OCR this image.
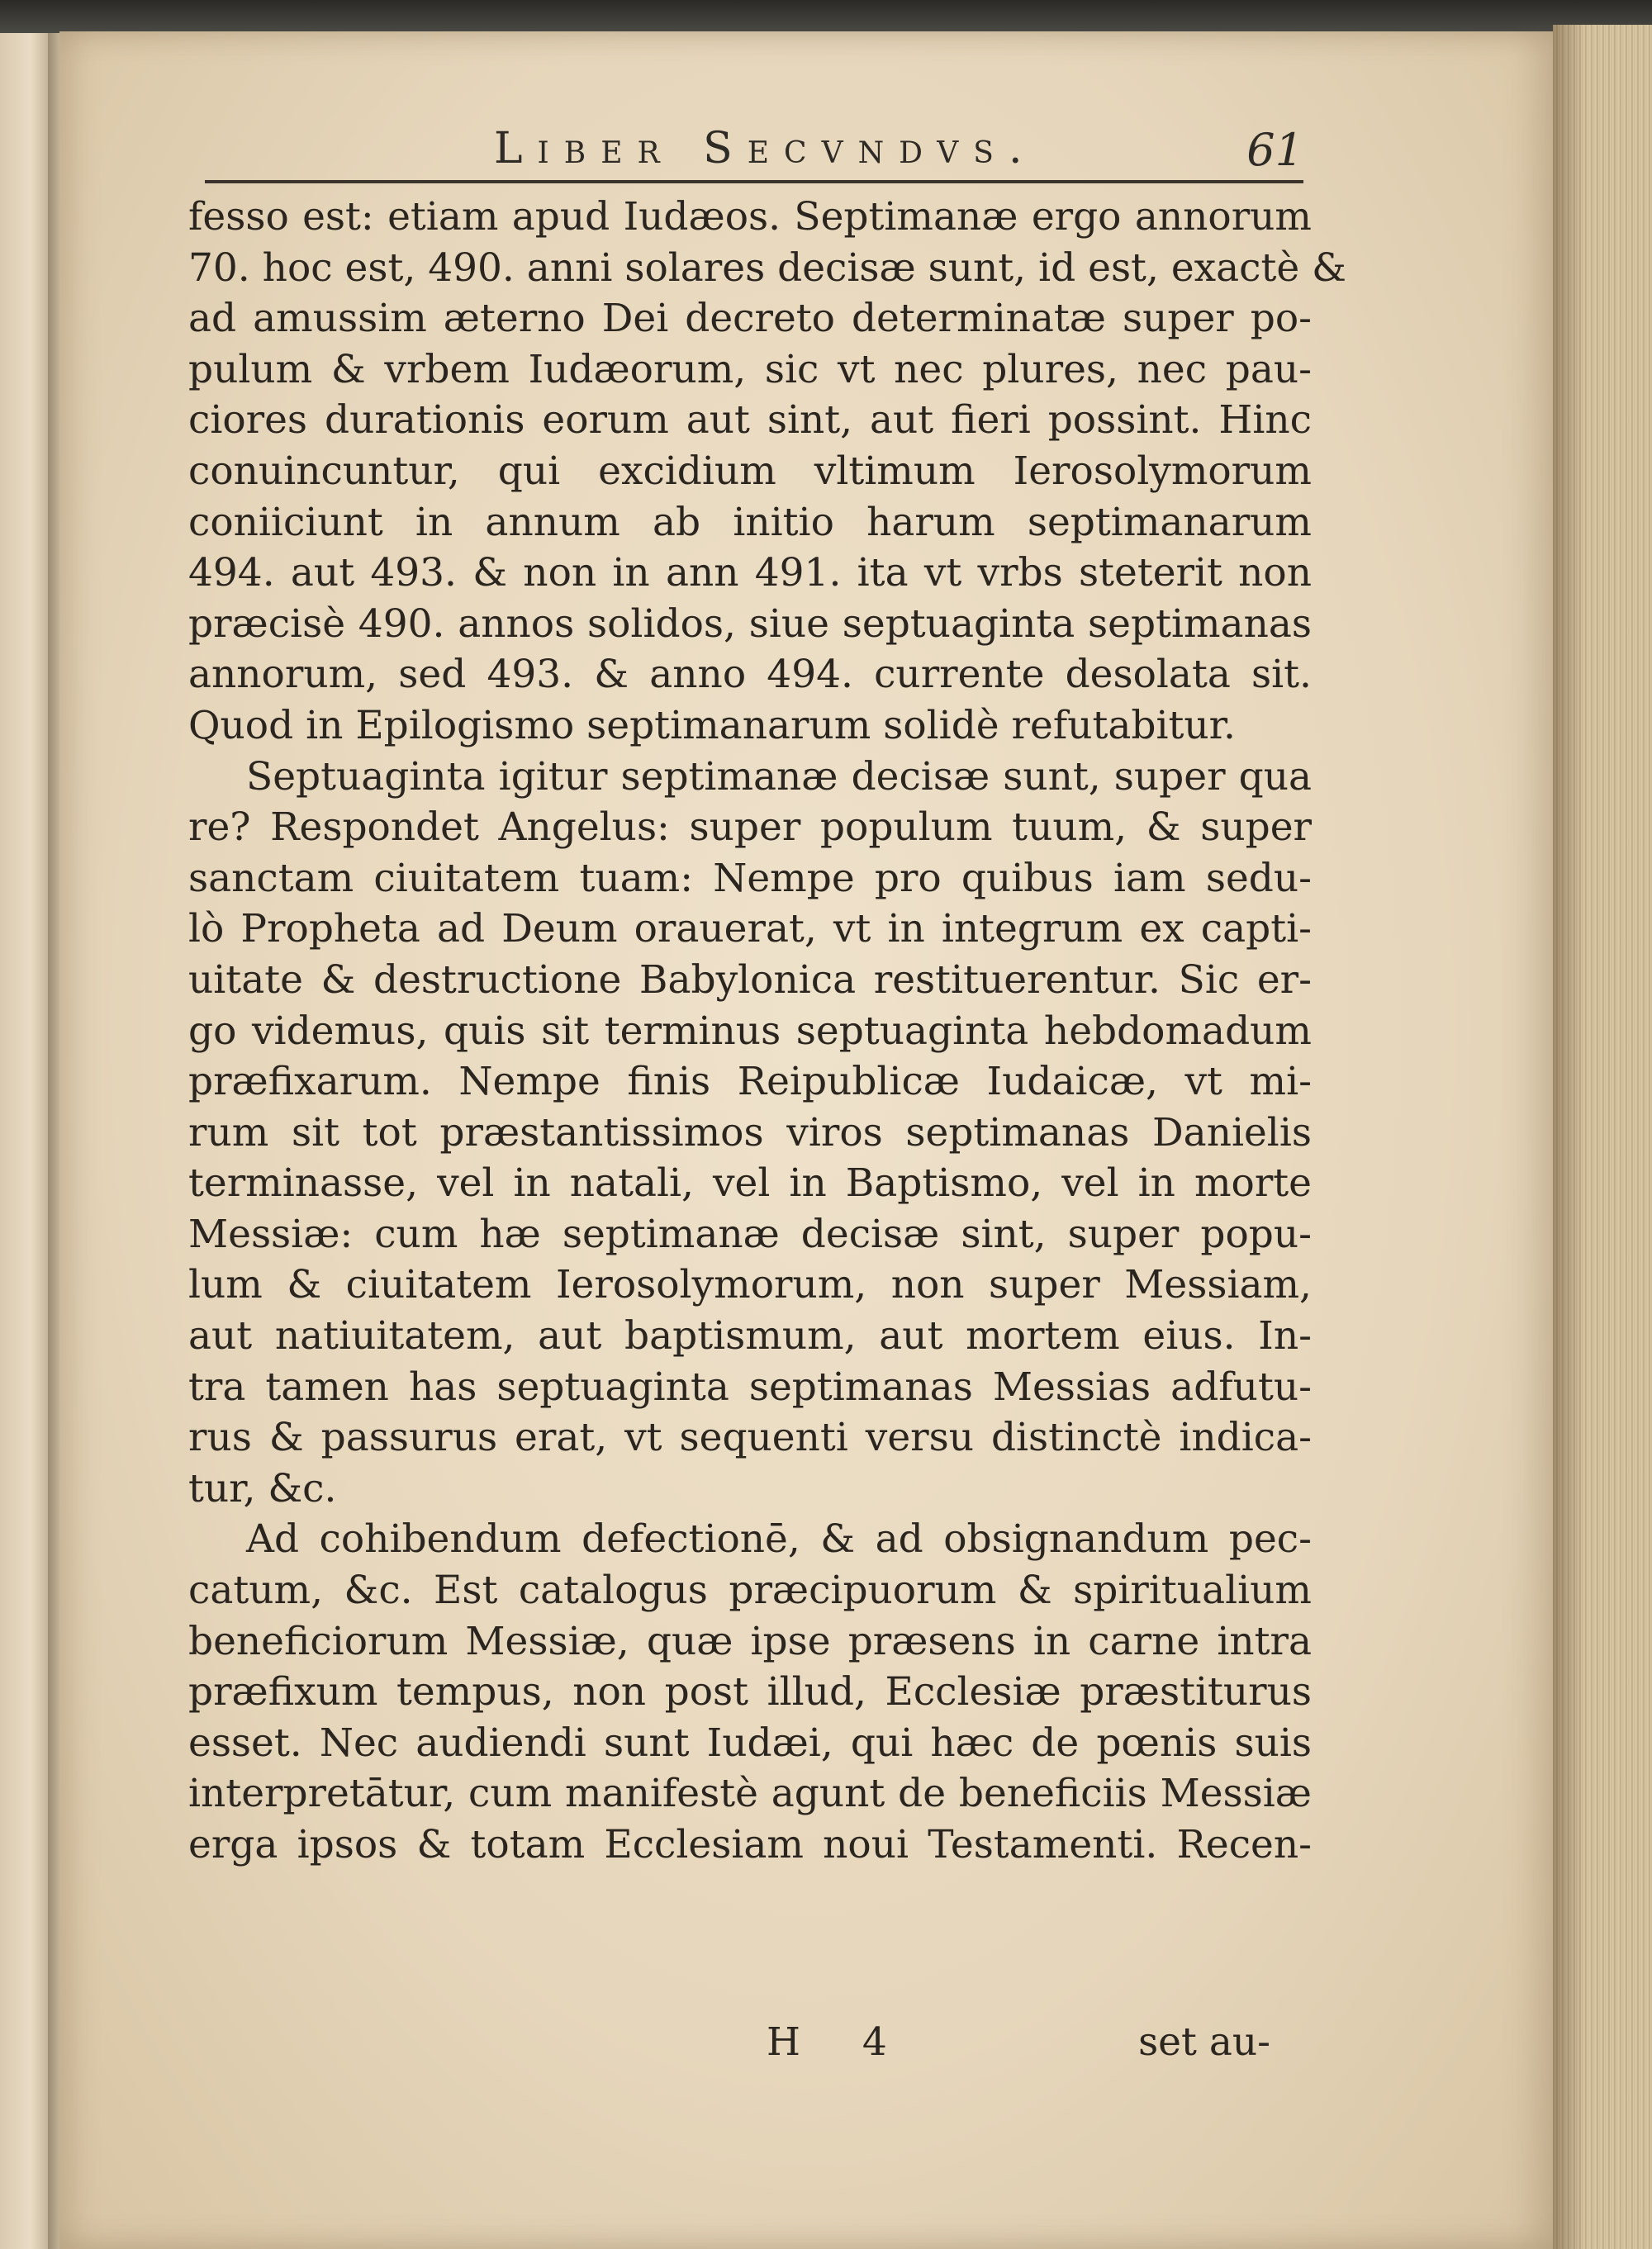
Liber Secvndvs.	61
fesso est: etiam apud Iudæos. Septimanæ ergo annorum
70. hoc est, 490. anni solares decisæ sunt, id est, exactè &
ad amussim æterno Dei decreto determinatæ super po-
pulum & vrbem Iudæorum, sic vt nec plures, nec pau-
ciores durationis eorum aut sint, aut fieri possint. Hinc
conuincuntur, qui excidium vltimum Ierosolymorum
coniiciunt in annum ab initio harum septimanarum
494. aut 493. & non in ann 491. ita vt vrbs steterit non
præcisè 490. annos solidos, siue septuaginta septimanas
annorum, sed 493. & anno 494. currente desolata sit.
Quod in Epilogismo septimanarum solidè refutabitur.
Septuaginta igitur septimanæ decisæ sunt, super qua
re? Respondet Angelus: super populum tuum, & super
sanctam ciuitatem tuam: Nempe pro quibus iam sedu-
lò Propheta ad Deum orauerat, vt in integrum ex capti-
uitate & destructione Babylonica restituerentur. Sic er-
go videmus, quis sit terminus septuaginta hebdomadum
præfixarum. Nempe finis Reipublicæ Iudaicæ, vt mi-
rum sit tot præstantissimos viros septimanas Danielis
terminasse, vel in natali, vel in Baptismo, vel in morte
Messiæ: cum hæ septimanæ decisæ sint, super popu-
lum & ciuitatem Ierosolymorum, non super Messiam,
aut natiuitatem, aut baptismum, aut mortem eius. In-
tra tamen has septuaginta septimanas Messias adfutu-
rus & passurus erat, vt sequenti versu distinctè indica-
tur, &c.
Ad cohibendum defectionē, & ad obsignandum pec-
catum, &c. Est catalogus præcipuorum & spiritualium
beneficiorum Messiæ, quæ ipse præsens in carne intra
præfixum tempus, non post illud, Ecclesiæ præstiturus
esset. Nec audiendi sunt Iudæi, qui hæc de pœnis suis
interpretātur, cum manifestè agunt de beneficiis Messiæ
erga ipsos & totam Ecclesiam noui Testamenti. Recen-
H 4	set au-
